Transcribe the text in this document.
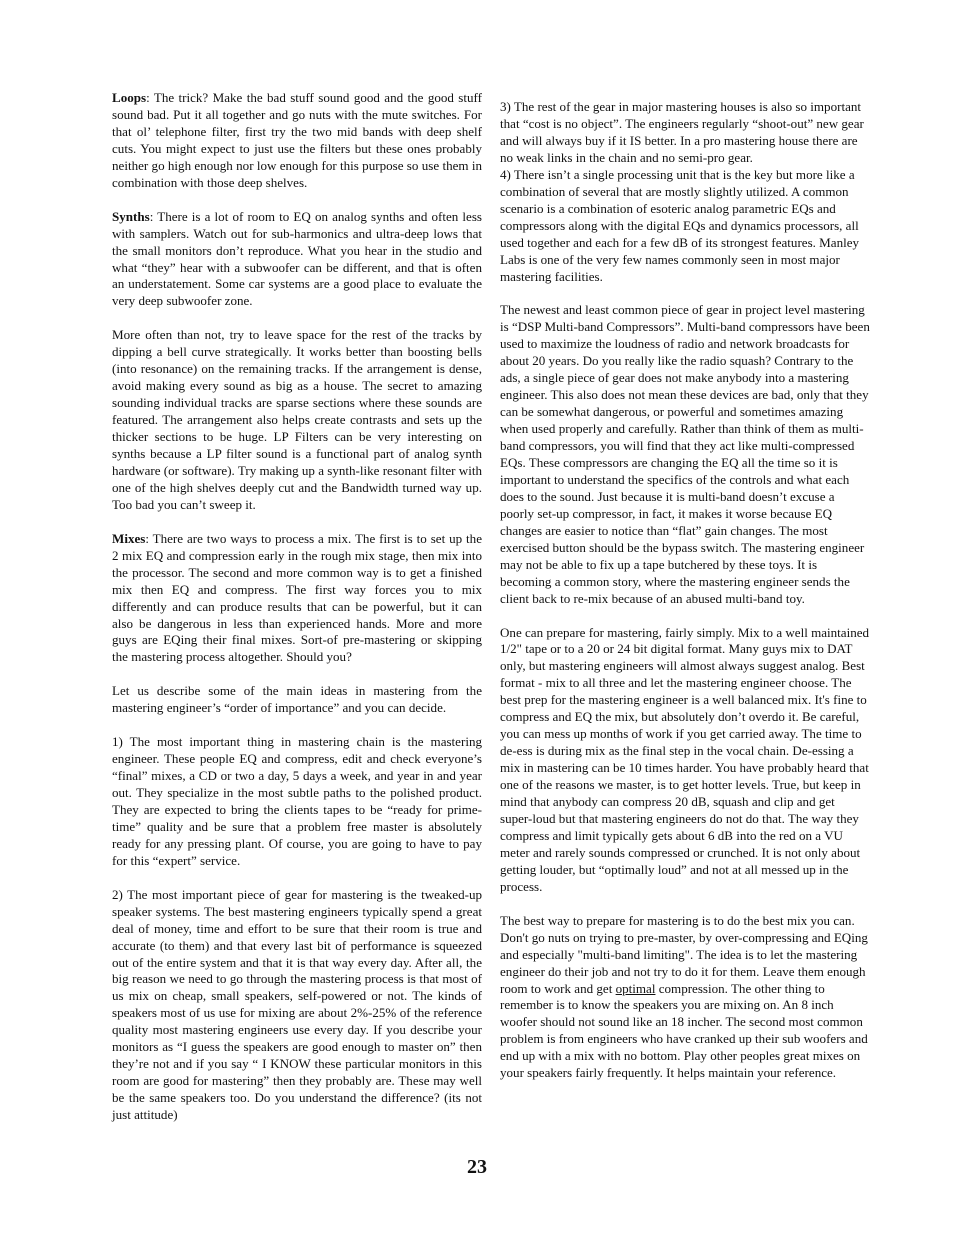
Loops: The trick? Make the bad stuff sound good and the good stuff sound bad. Put it all together and go nuts with the mute switches. For that ol’ telephone filter, first try the two mid bands with deep shelf cuts. You might expect to just use the filters but these ones probably neither go high enough nor low enough for this purpose so use them in combination with those deep shelves.

Synths: There is a lot of room to EQ on analog synths and often less with samplers. Watch out for sub-harmonics and ultra-deep lows that the small monitors don’t reproduce. What you hear in the studio and what “they” hear with a subwoofer can be different, and that is often an understatement. Some car systems are a good place to evaluate the very deep subwoofer zone.

More often than not, try to leave space for the rest of the tracks by dipping a bell curve strategically. It works better than boosting bells (into resonance) on the remaining tracks. If the arrangement is dense, avoid making every sound as big as a house. The secret to amazing sounding individual tracks are sparse sections where these sounds are featured. The arrangement also helps create contrasts and sets up the thicker sections to be huge. LP Filters can be very interesting on synths because a LP filter sound is a functional part of analog synth hardware (or software). Try making up a synth-like resonant filter with one of the high shelves deeply cut and the Bandwidth turned way up. Too bad you can’t sweep it.

Mixes: There are two ways to process a mix. The first is to set up the 2 mix EQ and compression early in the rough mix stage, then mix into the processor. The second and more common way is to get a finished mix then EQ and compress. The first way forces you to mix differently and can produce results that can be powerful, but it can also be dangerous in less than experienced hands. More and more guys are EQing their final mixes. Sort-of pre-mastering or skipping the mastering process altogether. Should you?

Let us describe some of the main ideas in mastering from the mastering engineer’s “order of importance” and you can decide.

1) The most important thing in mastering chain is the mastering engineer. These people EQ and compress, edit and check everyone’s “final” mixes, a CD or two a day, 5 days a week, and year in and year out. They specialize in the most subtle paths to the polished product. They are expected to bring the clients tapes to be “ready for prime-time” quality and be sure that a problem free master is absolutely ready for any pressing plant. Of course, you are going to have to pay for this “expert” service.

2) The most important piece of gear for mastering is the tweaked-up speaker systems. The best mastering engineers typically spend a great deal of money, time and effort to be sure that their room is true and accurate (to them) and that every last bit of performance is squeezed out of the entire system and that it is that way every day. After all, the big reason we need to go through the mastering process is that most of us mix on cheap, small speakers, self-powered or not. The kinds of speakers most of us use for mixing are about 2%-25% of the reference quality most mastering engineers use every day. If you describe your monitors as “I guess the speakers are good enough to master on” then they’re not and if you say “ I KNOW these particular monitors in this room are good for mastering” then they probably are. These may well be the same speakers too. Do you understand the difference? (its not just attitude)

3) The rest of the gear in major mastering houses is also so important that “cost is no object”. The engineers regularly “shoot-out” new gear and will always buy if it IS better. In a pro mastering house there are no weak links in the chain and no semi-pro gear.
4) There isn’t a single processing unit that is the key but more like a combination of several that are mostly slightly utilized. A common scenario is a combination of esoteric analog parametric EQs and compressors along with the digital EQs and dynamics processors, all used together and each for a few dB of its strongest features. Manley Labs is one of the very few names commonly seen in most major mastering facilities.

The newest and least common piece of gear in project level mastering is “DSP Multi-band Compressors”. Multi-band compressors have been used to maximize the loudness of radio and network broadcasts for about 20 years. Do you really like the radio squash? Contrary to the ads, a single piece of gear does not make anybody into a mastering engineer. This also does not mean these devices are bad, only that they can be somewhat dangerous, or powerful and sometimes amazing when used properly and carefully. Rather than think of them as multi-band compressors, you will find that they act like multi-compressed EQs. These compressors are changing the EQ all the time so it is important to understand the specifics of the controls and what each does to the sound. Just because it is multi-band doesn’t excuse a poorly set-up compressor, in fact, it makes it worse because EQ changes are easier to notice than “flat” gain changes. The most exercised button should be the bypass switch. The mastering engineer may not be able to fix up a tape butchered by these toys. It is becoming a common story, where the mastering engineer sends the client back to re-mix because of an abused multi-band toy.

One can prepare for mastering, fairly simply. Mix to a well maintained 1/2" tape or to a 20 or 24 bit digital format. Many guys mix to DAT only, but mastering engineers will almost always suggest analog. Best format - mix to all three and let the mastering engineer choose. The best prep for the mastering engineer is a well balanced mix. It's fine to compress and EQ the mix, but absolutely don’t overdo it. Be careful, you can mess up months of work if you get carried away. The time to de-ess is during mix as the final step in the vocal chain. De-essing a mix in mastering can be 10 times harder. You have probably heard that one of the reasons we master, is to get hotter levels. True, but keep in mind that anybody can compress 20 dB, squash and clip and get super-loud but that mastering engineers do not do that. The way they compress and limit typically gets about 6 dB into the red on a VU meter and rarely sounds compressed or crunched. It is not only about getting louder, but “optimally loud” and not at all messed up in the process.

The best way to prepare for mastering is to do the best mix you can. Don't go nuts on trying to pre-master, by over-compressing and EQing and especially "multi-band limiting". The idea is to let the mastering engineer do their job and not try to do it for them. Leave them enough room to work and get optimal compression. The other thing to remember is to know the speakers you are mixing on. An 8 inch woofer should not sound like an 18 incher. The second most common problem is from engineers who have cranked up their sub woofers and end up with a mix with no bottom. Play other peoples great mixes on your speakers fairly frequently. It helps maintain your reference.

23
